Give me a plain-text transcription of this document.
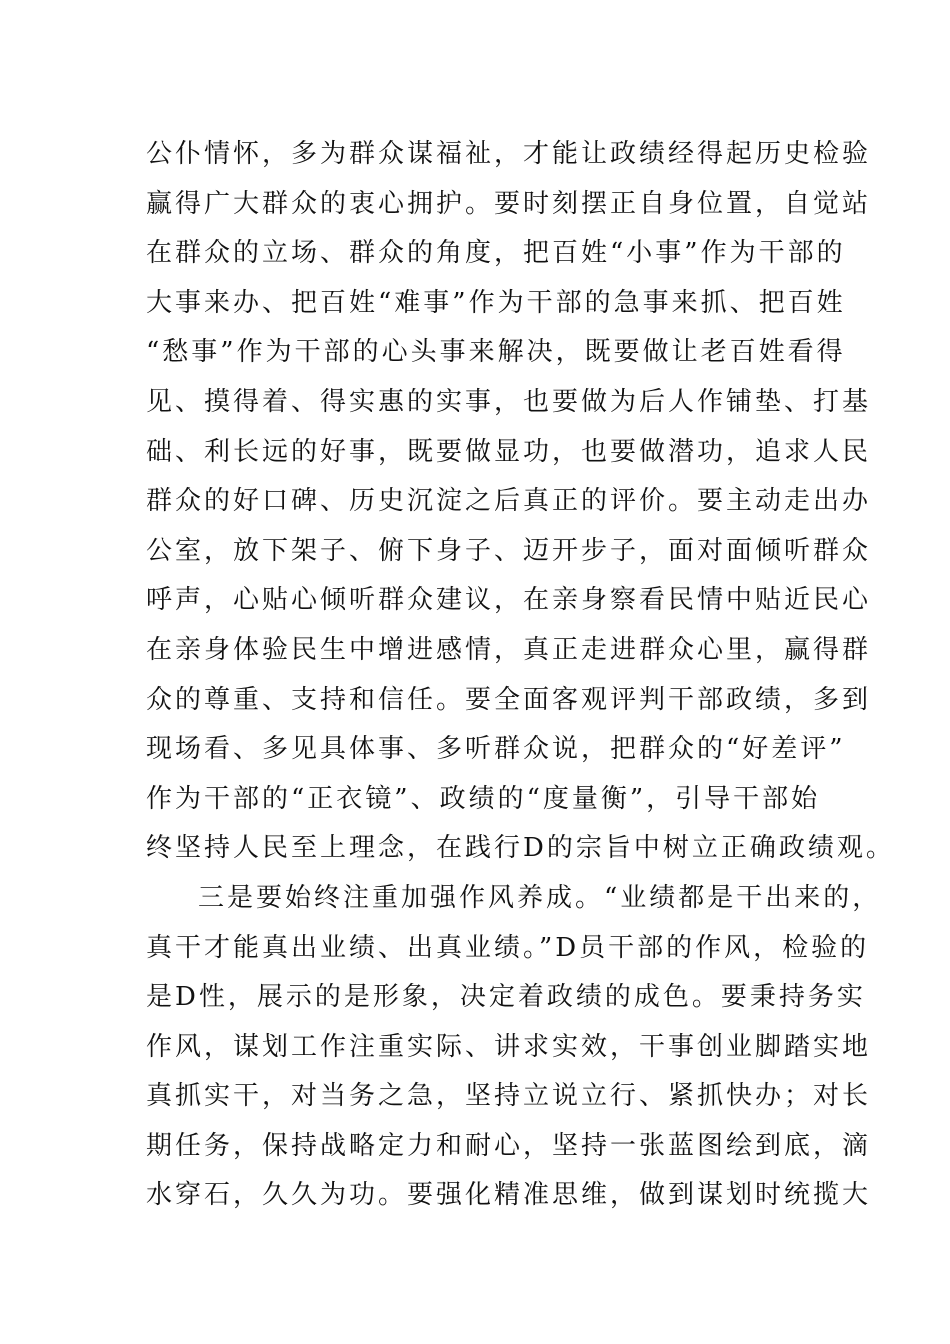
公仆情怀，多为群众谋福祉，才能让政绩经得起历史检验
赢得广大群众的衷心拥护。要时刻摆正自身位置，自觉站
在群众的立场、群众的角度，把百姓“小事”作为干部的
大事来办、把百姓“难事”作为干部的急事来抓、把百姓
“愁事”作为干部的心头事来解决，既要做让老百姓看得
见、摸得着、得实惠的实事，也要做为后人作铺垫、打基
础、利长远的好事，既要做显功，也要做潜功，追求人民
群众的好口碑、历史沉淀之后真正的评价。要主动走出办
公室，放下架子、俯下身子、迈开步子，面对面倾听群众
呼声，心贴心倾听群众建议，在亲身察看民情中贴近民心
在亲身体验民生中增进感情，真正走进群众心里，赢得群
众的尊重、支持和信任。要全面客观评判干部政绩，多到
现场看、多见具体事、多听群众说，把群众的“好差评”
作为干部的“正衣镜”、政绩的“度量衡”，引导干部始
终坚持人民至上理念，在践行D的宗旨中树立正确政绩观。
三是要始终注重加强作风养成。“业绩都是干出来的，
真干才能真出业绩、出真业绩。”D员干部的作风，检验的
是D性，展示的是形象，决定着政绩的成色。要秉持务实
作风，谋划工作注重实际、讲求实效，干事创业脚踏实地
真抓实干，对当务之急，坚持立说立行、紧抓快办；对长
期任务，保持战略定力和耐心，坚持一张蓝图绘到底，滴
水穿石，久久为功。要强化精准思维，做到谋划时统揽大
